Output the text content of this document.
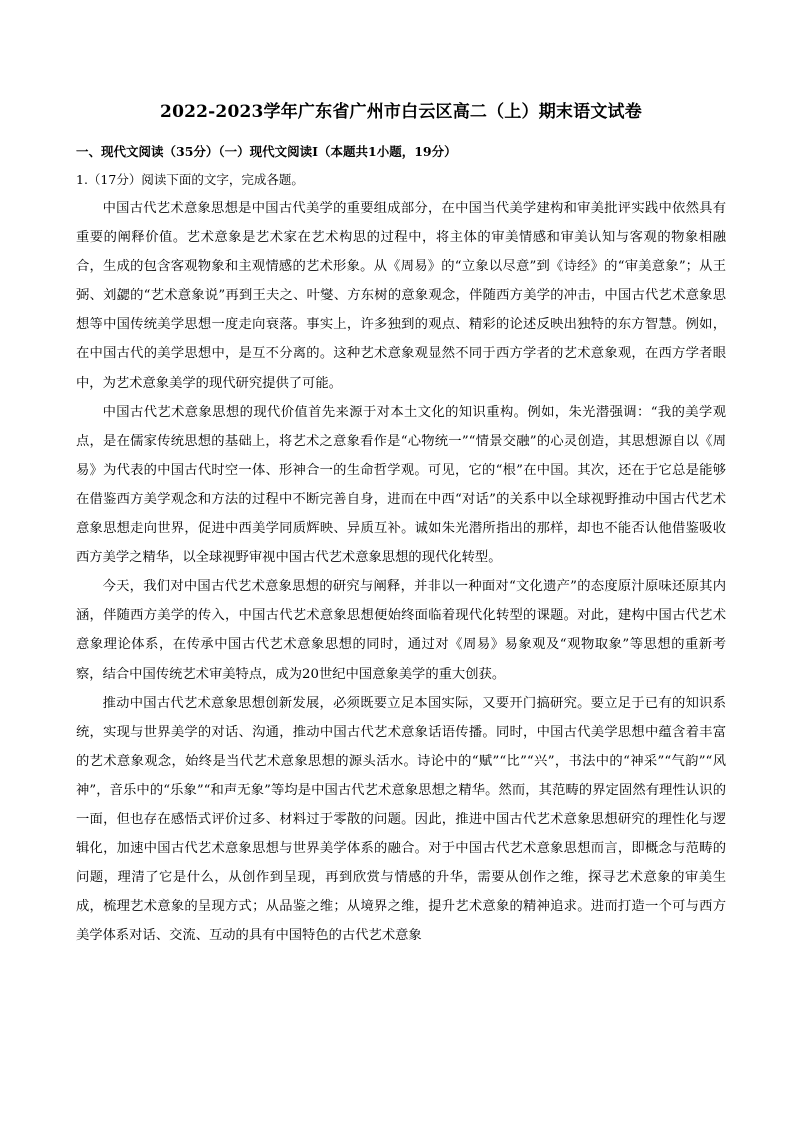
2022-2023学年广东省广州市白云区高二（上）期末语文试卷
一、现代文阅读（35分）（一）现代文阅读Ⅰ（本题共1小题，19分）
1.（17分）阅读下面的文字，完成各题。

中国古代艺术意象思想是中国古代美学的重要组成部分，在中国当代美学建构和审美批评实践中依然具有重要的阐释价值。艺术意象是艺术家在艺术构思的过程中，将主体的审美情感和审美认知与客观的物象相融合，生成的包含客观物象和主观情感的艺术形象。从《周易》的“立象以尽意”到《诗经》的“审美意象”；从王弼、刘勰的“艺术意象说”再到王夫之、叶燮、方东树的意象观念，伴随西方美学的冲击，中国古代艺术意象思想等中国传统美学思想一度走向衰落。事实上，许多独到的观点、精彩的论述反映出独特的东方智慧。例如，在中国古代的美学思想中，是互不分离的。这种艺术意象观显然不同于西方学者的艺术意象观，在西方学者眼中，为艺术意象美学的现代研究提供了可能。

中国古代艺术意象思想的现代价值首先来源于对本土文化的知识重构。例如，朱光潜强调：“我的美学观点，是在儒家传统思想的基础上，将艺术之意象看作是“心物统一”“情景交融”的心灵创造，其思想源自以《周易》为代表的中国古代时空一体、形神合一的生命哲学观。可见，它的“根”在中国。其次，还在于它总是能够在借鉴西方美学观念和方法的过程中不断完善自身，进而在中西“对话”的关系中以全球视野推动中国古代艺术意象思想走向世界，促进中西美学同质辉映、异质互补。诚如朱光潜所指出的那样，却也不能否认他借鉴吸收西方美学之精华，以全球视野审视中国古代艺术意象思想的现代化转型。

今天，我们对中国古代艺术意象思想的研究与阐释，并非以一种面对“文化遗产”的态度原汁原味还原其内涵，伴随西方美学的传入，中国古代艺术意象思想便始终面临着现代化转型的课题。对此，建构中国古代艺术意象理论体系，在传承中国古代艺术意象思想的同时，通过对《周易》易象观及“观物取象”等思想的重新考察，结合中国传统艺术审美特点，成为20世纪中国意象美学的重大创获。

推动中国古代艺术意象思想创新发展，必须既要立足本国实际，又要开门搞研究。要立足于已有的知识系统，实现与世界美学的对话、沟通，推动中国古代艺术意象话语传播。同时，中国古代美学思想中蕴含着丰富的艺术意象观念，始终是当代艺术意象思想的源头活水。诗论中的“赋”“比”“兴”，书法中的“神采”“气韵”“风神”，音乐中的“乐象”“和声无象”等均是中国古代艺术意象思想之精华。然而，其范畴的界定固然有理性认识的一面，但也存在感悟式评价过多、材料过于零散的问题。因此，推进中国古代艺术意象思想研究的理性化与逻辑化，加速中国古代艺术意象思想与世界美学体系的融合。对于中国古代艺术意象思想而言，即概念与范畴的问题，理清了它是什么，从创作到呈现，再到欣赏与情感的升华，需要从创作之维，探寻艺术意象的审美生成，梳理艺术意象的呈现方式；从品鉴之维；从境界之维，提升艺术意象的精神追求。进而打造一个可与西方美学体系对话、交流、互动的具有中国特色的古代艺术意象
